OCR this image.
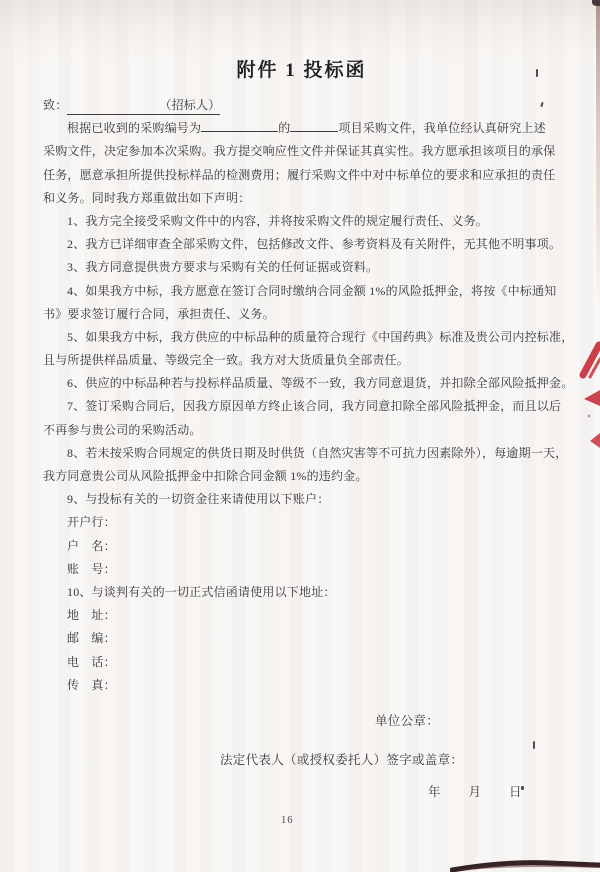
附件 1 投标函
致：	（招标人）
根据已收到的采购编号为	的	项目采购文件，我单位经认真研究上述
采购文件，决定参加本次采购。我方提交响应性文件并保证其真实性。我方愿承担该项目的承保
任务，愿意承担所提供投标样品的检测费用；履行采购文件中对中标单位的要求和应承担的责任
和义务。同时我方郑重做出如下声明：
1、我方完全接受采购文件中的内容，并将按采购文件的规定履行责任、义务。
2、我方已详细审查全部采购文件，包括修改文件、参考资料及有关附件，无其他不明事项。
3、我方同意提供贵方要求与采购有关的任何证据或资料。
4、如果我方中标，我方愿意在签订合同时缴纳合同金额 1%的风险抵押金，将按《中标通知
书》要求签订履行合同，承担责任、义务。
5、如果我方中标，我方供应的中标品种的质量符合现行《中国药典》标准及贵公司内控标准，
且与所提供样品质量、等级完全一致。我方对大货质量负全部责任。
6、供应的中标品种若与投标样品质量、等级不一致，我方同意退货，并扣除全部风险抵押金。
7、签订采购合同后，因我方原因单方终止该合同，我方同意扣除全部风险抵押金，而且以后
不再参与贵公司的采购活动。
8、若未按采购合同规定的供货日期及时供货（自然灾害等不可抗力因素除外），每逾期一天，
我方同意贵公司从风险抵押金中扣除合同金额 1%的违约金。
9、与投标有关的一切资金往来请使用以下账户：
开户行：
户　名：
账　号：
10、与谈判有关的一切正式信函请使用以下地址：
地　址：
邮　编：
电　话：
传　真：
单位公章：
法定代表人（或授权委托人）签字或盖章：
年　　月　　日
16
